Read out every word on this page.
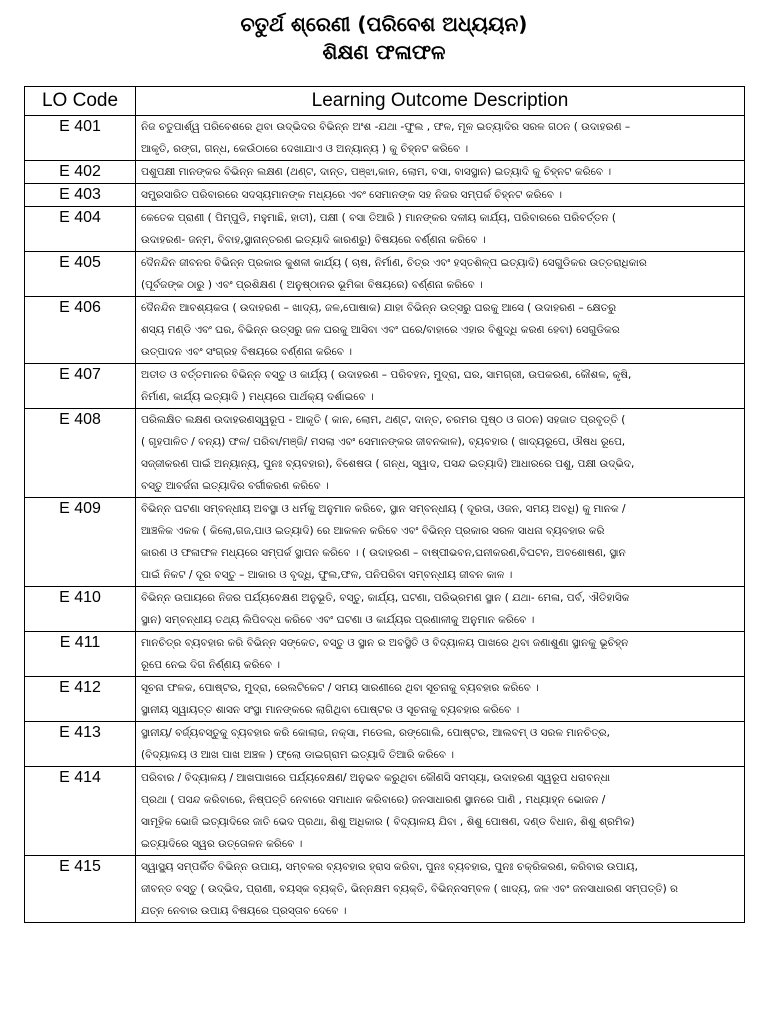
ଚତୁର୍ଥ ଶ୍ରେଣୀ (ପରିବେଶ ଅଧ୍ୟୟନ)
ଶିକ୍ଷଣ ଫଳାଫଳ
LO Code	Learning Outcome Description
E 401	ନିଜ ଚତୁପାର୍ଶ୍ୱ ପରିବେଶରେ ଥିବା ଉଦ୍ଭିଦର ବିଭିନ୍ନ ଅଂଶ -ଯଥା -ଫୁଲ , ଫଳ, ମୂଳ ଇତ୍ୟାଦିର ସରଳ ଗଠନ ( ଉଦାହରଣ –
ଆକୃତି, ରଙ୍ଗ, ଗନ୍ଧ, କେଉଁଠାରେ ଦେଖାଯାଏ ଓ ଅନ୍ୟାନ୍ୟ ) କୁ ଚିହ୍ନଟ କରିବେ ।

E 402	ପଶୁପକ୍ଷୀ ମାନଙ୍କର ବିଭିନ୍ନ ଲକ୍ଷଣ (ଥଣ୍ଟ, ଦାନ୍ତ, ପଞ୍ଝା,କାନ, ଲୋମ, ବସା, ବାସସ୍ଥାନ) ଇତ୍ୟାଦି କୁ ଚିହ୍ନଟ କରିବେ ।

E 403	ସମ୍ପ୍ରସାରିତ ପରିବାରରେ ସଦସ୍ୟମାନଙ୍କ ମଧ୍ୟରେ ଏବଂ ସେମାନଙ୍କ ସହ ନିଜର ସମ୍ପର୍କ ଚିହ୍ନଟ କରିବେ ।

E 404	କେତେକ ପ୍ରାଣୀ ( ପିମ୍ପୁଡି, ମହୁମାଛି, ହାତୀ), ପକ୍ଷୀ ( ବସା ତିଆରି ) ମାନଙ୍କର ଦଳୀୟ କାର୍ଯ୍ୟ, ପରିବାରରେ ପରିବର୍ତ୍ତନ (
ଉଦାହରଣ- ଜନ୍ମ, ବିବାହ,ସ୍ଥାନାନ୍ତରଣ ଇତ୍ୟାଦି କାରଣରୁ) ବିଷୟରେ ବର୍ଣ୍ଣନା କରିବେ ।

E 405	ଦୈନନ୍ଦିନ ଜୀବନର ବିଭିନ୍ନ ପ୍ରକାର କୁଶଳୀ କାର୍ଯ୍ୟ ( ଚାଷ, ନିର୍ମାଣ, ଚିତ୍ର ଏବଂ ହସ୍ତଶିଳ୍ପ ଇତ୍ୟାଦି) ସେଗୁଡିକର ଉତ୍ତରାଧିକାର
(ପୂର୍ବଜଙ୍କ ଠାରୁ ) ଏବଂ ପ୍ରଶିକ୍ଷଣ ( ଅନୁଷ୍ଠାନର ଭୂମିକା ବିଷୟରେ) ବର୍ଣ୍ଣନା କରିବେ ।

E 406	ଦୈନନ୍ଦିନ ଆବଶ୍ୟକତା ( ଉଦାହରଣ – ଖାଦ୍ୟ, ଜଳ,ପୋଷାକ) ଯାହା ବିଭିନ୍ନ ଉତ୍ସରୁ ଘରକୁ ଆସେ ( ଉଦାହରଣ – କ୍ଷେତରୁ
ଶସ୍ୟ ମଣ୍ଡି ଏବଂ ଘର, ବିଭିନ୍ନ ଉତ୍ସରୁ ଜଳ ଘରକୁ ଆସିବା ଏବଂ ଘରେ/ବାହାରେ ଏହାର ବିଶୁଦ୍ଧି କରଣ ହେବା) ସେଗୁଡିକର
ଉତ୍ପାଦନ ଏବଂ ସଂଗ୍ରହ ବିଷୟରେ ବର୍ଣ୍ଣନା କରିବେ ।

E 407	ଅତୀତ ଓ ବର୍ତ୍ତମାନର ବିଭିନ୍ନ ବସ୍ତୁ ଓ କାର୍ଯ୍ୟ ( ଉଦାହରଣ – ପରିବହନ, ମୁଦ୍ରା, ଘର, ସାମଗ୍ରୀ, ଉପକରଣ, କୌଶଳ, କୃଷି,
ନିର୍ମାଣ, କାର୍ଯ୍ୟ ଇତ୍ୟାଦି ) ମଧ୍ୟରେ ପାର୍ଥକ୍ୟ ଦର୍ଶାଇବେ ।

E 408	ପରିଲକ୍ଷିତ ଲକ୍ଷଣ ଉଦାହରଣସ୍ୱରୂପ - ଆକୃତି ( କାନ, ଲୋମ, ଥଣ୍ଟ, ଦାନ୍ତ, ଚରମର ପୃଷ୍ଠ ଓ ଗଠନ) ସହଜାତ ପ୍ରବୃତ୍ତି (
( ଗୃହପାଳିତ / ବନ୍ୟ) ଫଳ/ ପରିବା/ମଞ୍ଜି/ ମସଲା ଏବଂ ସେମାନଙ୍କର ଜୀବନକାଳ), ବ୍ୟବହାର ( ଖାଦ୍ୟରୂପେ, ଔଷଧ ରୂପେ,
ସଜ୍ଜୀକରଣ ପାଇଁ ଅନ୍ୟାନ୍ୟ, ପୁନଃ ବ୍ୟବହାର), ବିଶେଷତା ( ଗନ୍ଧ, ସ୍ୱାଦ, ପସନ୍ଦ ଇତ୍ୟାଦି) ଆଧାରରେ ପଶୁ, ପକ୍ଷୀ ଉଦ୍ଭିଦ,
ବସ୍ତୁ ଆବର୍ଜନା ଇତ୍ୟାଦିର ବର୍ଗୀକରଣ କରିବେ ।

E 409	ବିଭିନ୍ନ ଘଟଣା ସମ୍ବନ୍ଧୀୟ ଅବସ୍ଥା ଓ ଧର୍ମକୁ ଅନୁମାନ କରିବେ, ସ୍ଥାନ ସମ୍ବନ୍ଧୀୟ ( ଦୂରତା, ଓଜନ, ସମୟ ଅବଧି) କୁ ମାନକ /
ଆଞ୍ଚଳିକ ଏକକ ( କିଲୋ,ଗଜ,ପାଓ ଇତ୍ୟାଦି) ରେ ଆକଳନ କରିବେ ଏବଂ ବିଭିନ୍ନ ପ୍ରକାର ସରଳ ସାଧନା ବ୍ୟବହାର କରି
କାରଣ ଓ ଫଳାଫଳ ମଧ୍ୟରେ ସମ୍ପର୍କ ସ୍ଥାପନ କରିବେ । ( ଉଦାହରଣ – ବାଷ୍ପୀଭବନ,ଘନୀକରଣ,ବିଘଟନ, ଅବଶୋଷଣ, ସ୍ଥାନ
ପାଇଁ ନିକଟ / ଦୂର ବସ୍ତୁ – ଆକାର ଓ ବୃଦ୍ଧି, ଫୁଲ,ଫଳ, ପନିପରିବା ସମ୍ବନ୍ଧୀୟ ଜୀବନ କାଳ ।

E 410	ବିଭିନ୍ନ ଉପାୟରେ ନିଜର ପର୍ଯ୍ୟବେକ୍ଷଣ ଅନୁଭୂତି, ବସ୍ତୁ, କାର୍ଯ୍ୟ, ଘଟଣା, ପରିଭ୍ରମଣ ସ୍ଥାନ ( ଯଥା- ମେଳା, ପର୍ବ, ଐତିହାସିକ
ସ୍ଥାନ) ସମ୍ବନ୍ଧୀୟ ତଥ୍ୟ ଲିପିବଦ୍ଧ କରିବେ ଏବଂ ଘଟଣା ଓ କାର୍ଯ୍ୟର ପ୍ରଣାଳୀକୁ ଅନୁମାନ କରିବେ ।

E 411	ମାନଚିତ୍ର ବ୍ୟବହାର କରି ବିଭିନ୍ନ ସଙ୍କେତ, ବସ୍ତୁ ଓ ସ୍ଥାନ ର ଅବସ୍ଥିତି ଓ ବିଦ୍ୟାଳୟ ପାଖରେ ଥିବା ଜଣାଶୁଣା ସ୍ଥାନକୁ ଭୂଚିହ୍ନ
ରୂପେ ନେଇ ଦିଗ ନିର୍ଣ୍ଣୟ କରିବେ ।

E 412	ସୂଚନା ଫଳକ, ପୋଷ୍ଟର, ମୁଦ୍ରା, ରେଲଟିକେଟ / ସମୟ ସାରଣୀରେ ଥିବା ସୂଚନାକୁ ବ୍ୟବହାର କରିବେ ।
ସ୍ଥାନୀୟ ସ୍ୱାୟତ୍ତ ଶାସନ ସଂସ୍ଥା ମାନଙ୍କରେ ଲାଗିଥିବା ପୋଷ୍ଟର ଓ ସୂଚନାକୁ ବ୍ୟବହାର କରିବେ ।

E 413	ସ୍ଥାନୀୟ/ ବର୍ଜ୍ୟବସ୍ତୁକୁ ବ୍ୟବହାର କରି କୋଲାଜ, ନକ୍ସା, ମଡେଲ, ରଙ୍ଗୋଲି, ପୋଷ୍ଟର, ଆଲବମ୍ ଓ ସରଳ ମାନଚିତ୍ର,
(ବିଦ୍ୟାଳୟ ଓ ଆଖ ପାଖ ଅଞ୍ଚଳ ) ଫ୍ଲୋ ଡାଇଗ୍ରାମ ଇତ୍ୟାଦି ତିଆରି କରିବେ ।

E 414	ପରିବାର / ବିଦ୍ୟାଳୟ / ଆଖପାଖରେ ପର୍ଯ୍ୟବେକ୍ଷଣ/ ଅନୁଭବ କରୁଥିବା କୌଣସି ସମସ୍ୟା, ଉଦାହରଣ ସ୍ୱରୂପ ଧରାବନ୍ଧା
ପ୍ରଥା ( ପସନ୍ଦ କରିବାରେ, ନିଷ୍ପତ୍ତି ନେବାରେ ସମାଧାନ କରିବାରେ) ଜନସାଧାରଣ ସ୍ଥାନରେ ପାଣି , ମଧ୍ୟାହ୍ନ ଭୋଜନ /
ସାମୂହିକ ଭୋଜି ଇତ୍ୟାଦିରେ ଜାତି ଭେଦ ପ୍ରଥା, ଶିଶୁ ଅଧିକାର ( ବିଦ୍ୟାଳୟ ଯିବା , ଶିଶୁ ପୋଷଣ, ଦଣ୍ଡ ବିଧାନ, ଶିଶୁ ଶ୍ରମିକ)
ଇତ୍ୟାଦିରେ ସ୍ୱର ଉତ୍ତୋଳନ କରିବେ ।

E 415	ସ୍ୱାସ୍ଥ୍ୟ ସମ୍ପର୍କିତ ବିଭିନ୍ନ ଉପାୟ, ସମ୍ବଳର ବ୍ୟବହାର ହ୍ରାସ କରିବା, ପୁନଃ ବ୍ୟବହାର, ପୁନଃ ଚକ୍ରିକରଣ, କରିବାର ଉପାୟ,
ଜୀବନ୍ତ ବସ୍ତୁ ( ଉଦ୍ଭିଦ, ପ୍ରାଣୀ, ବୟସ୍କ ବ୍ୟକ୍ତି, ଭିନ୍ନକ୍ଷମ ବ୍ୟକ୍ତି, ବିଭିନ୍ନସମ୍ବଳ ( ଖାଦ୍ୟ, ଜଳ ଏବଂ ଜନସାଧାରଣ ସମ୍ପତ୍ତି) ର
ଯତ୍ନ ନେବାର ଉପାୟ ବିଷୟରେ ପ୍ରସ୍ତାବ ଦେବେ ।
